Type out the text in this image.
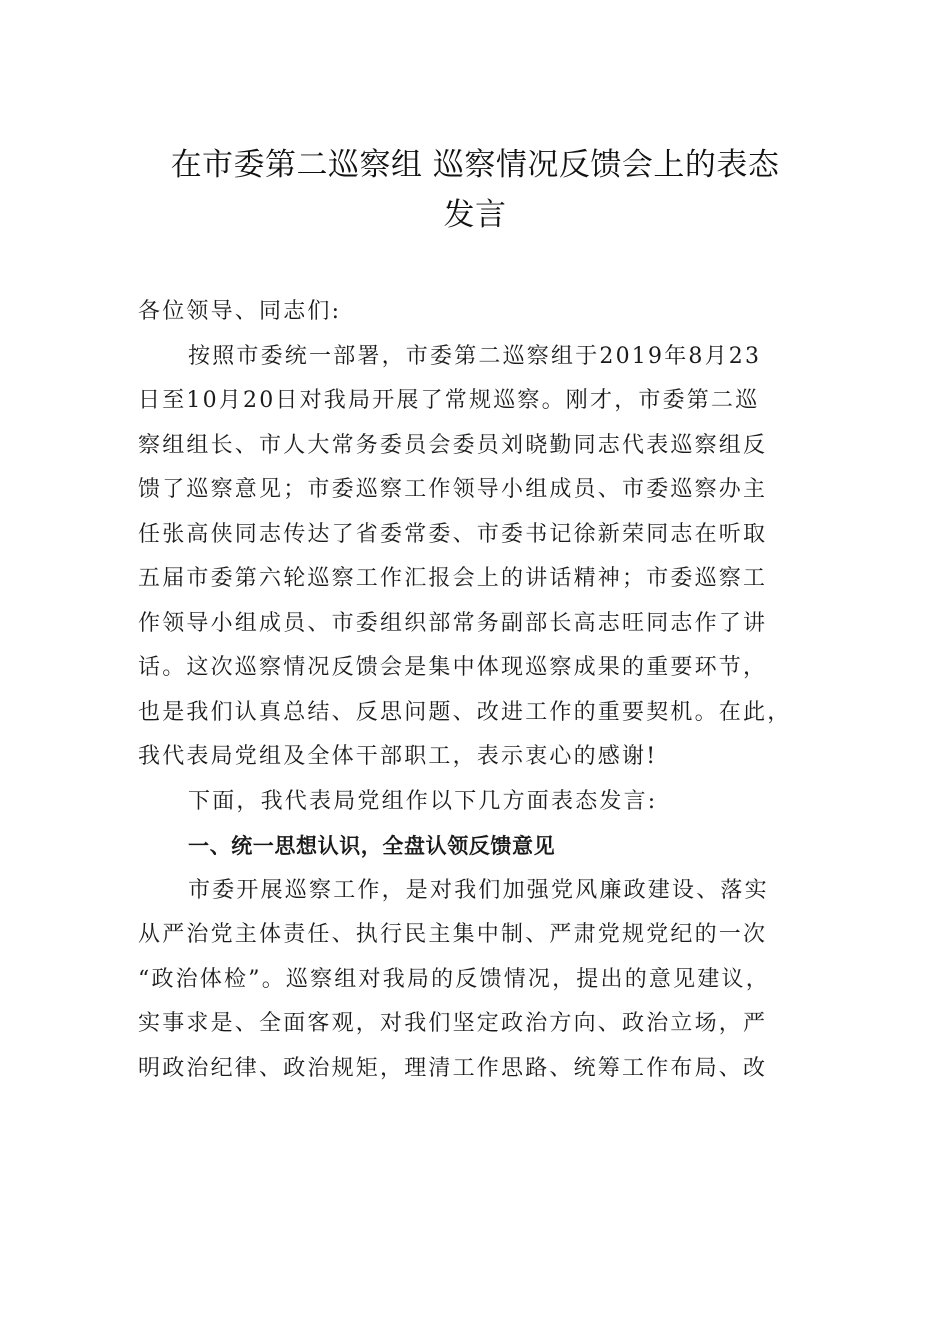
在市委第二巡察组 巡察情况反馈会上的表态
发言
各位领导、同志们:
按照市委统一部署，市委第二巡察组于2019年8月23
日至10月20日对我局开展了常规巡察。刚才，市委第二巡
察组组长、市人大常务委员会委员刘晓勤同志代表巡察组反
馈了巡察意见；市委巡察工作领导小组成员、市委巡察办主
任张高侠同志传达了省委常委、市委书记徐新荣同志在听取
五届市委第六轮巡察工作汇报会上的讲话精神；市委巡察工
作领导小组成员、市委组织部常务副部长高志旺同志作了讲
话。这次巡察情况反馈会是集中体现巡察成果的重要环节，
也是我们认真总结、反思问题、改进工作的重要契机。在此，
我代表局党组及全体干部职工，表示衷心的感谢!
下面，我代表局党组作以下几方面表态发言:
一、统一思想认识，全盘认领反馈意见
市委开展巡察工作，是对我们加强党风廉政建设、落实
从严治党主体责任、执行民主集中制、严肃党规党纪的一次
“政治体检”。巡察组对我局的反馈情况，提出的意见建议，
实事求是、全面客观，对我们坚定政治方向、政治立场，严
明政治纪律、政治规矩，理清工作思路、统筹工作布局、改
